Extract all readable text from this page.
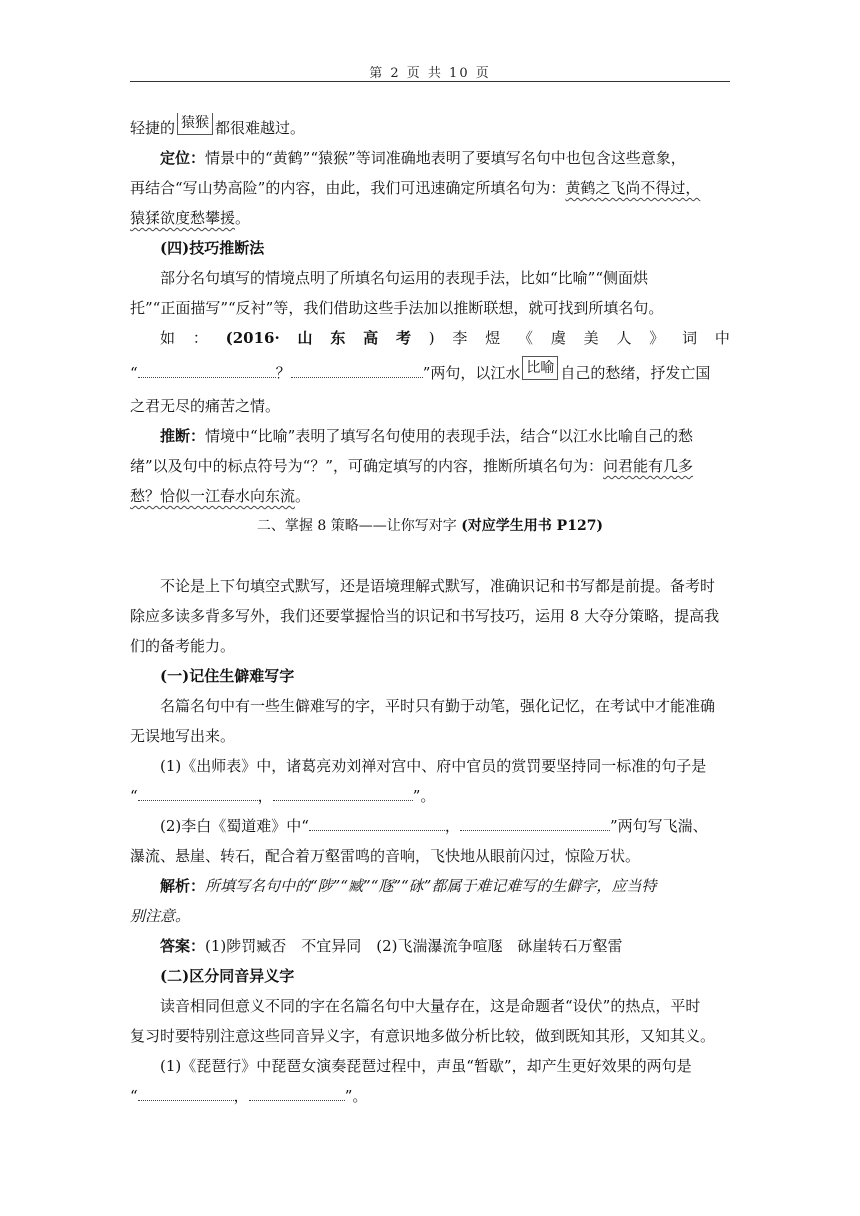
第 2 页 共 10 页
轻捷的 猿猴 都很难越过。
定位：情景中的“黄鹤”“猿猴”等词准确地表明了要填写名句中也包含这些意象，
再结合“写山势高险”的内容，由此，我们可迅速确定所填名句为：黄鹤之飞尚不得过，
猿猱欲度愁攀援。
(四)技巧推断法
部分名句填写的情境点明了所填名句运用的表现手法，比如“比喻”“侧面烘
托”“正面描写”“反衬”等，我们借助这些手法加以推断联想，就可找到所填名句。
如 ： (2016· 山 东 高 考 ) 李 煜 《 虞 美 人 》 词 中
“	？	”两句，以江水 比喻 自己的愁绪，抒发亡国
之君无尽的痛苦之情。
推断：情境中“比喻”表明了填写名句使用的表现手法，结合“以江水比喻自己的愁
绪”以及句中的标点符号为“？”，可确定填写的内容，推断所填名句为：问君能有几多
愁？恰似一江春水向东流。
二、掌握 8 策略——让你写对字 (对应学生用书 P127)
不论是上下句填空式默写，还是语境理解式默写，准确识记和书写都是前提。备考时
除应多读多背多写外，我们还要掌握恰当的识记和书写技巧，运用 8 大夺分策略，提高我
们的备考能力。
(一)记住生僻难写字
名篇名句中有一些生僻难写的字，平时只有勤于动笔，强化记忆，在考试中才能准确
无误地写出来。
(1)《出师表》中，诸葛亮劝刘禅对宫中、府中官员的赏罚要坚持同一标准的句子是
“	，	”。
(2)李白《蜀道难》中“	，	”两句写飞湍、
瀑流、悬崖、转石，配合着万壑雷鸣的音响，飞快地从眼前闪过，惊险万状。
解析：所填写名句中的“陟”“臧”“豗”“砯”都属于难记难写的生僻字，应当特
别注意。
答案：(1)陟罚臧否　不宜异同　(2)飞湍瀑流争喧豗　砯崖转石万壑雷
(二)区分同音异义字
读音相同但意义不同的字在名篇名句中大量存在，这是命题者“设伏”的热点，平时
复习时要特别注意这些同音异义字，有意识地多做分析比较，做到既知其形，又知其义。
(1)《琵琶行》中琵琶女演奏琵琶过程中，声虽“暂歇”，却产生更好效果的两句是
“	，	”。
